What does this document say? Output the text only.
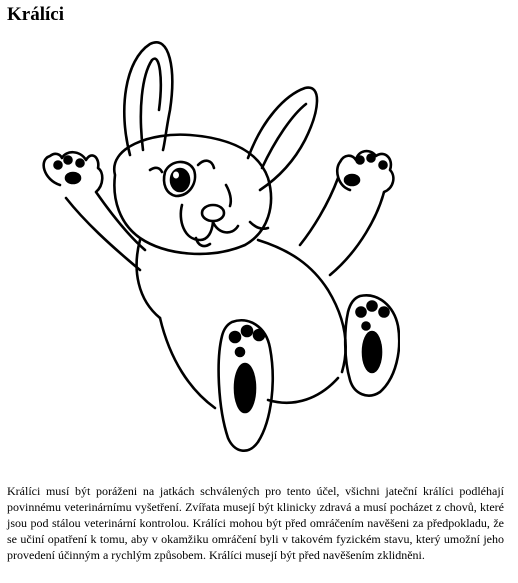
Králíci

Králíci musí být poráženi na jatkách schválených pro tento účel, všichni jateční králíci podléhají povinnému veterinárnímu vyšetření. Zvířata musejí být klinicky zdravá a musí pocházet z chovů, které jsou pod stálou veterinární kontrolou. Králíci mohou být před omráčením navěšeni za předpokladu, že se učiní opatření k tomu, aby v okamžiku omráčení byli v takovém fyzickém stavu, který umožní jeho provedení účinným a rychlým způsobem. Králíci musejí být před navěšením zklidněni.
